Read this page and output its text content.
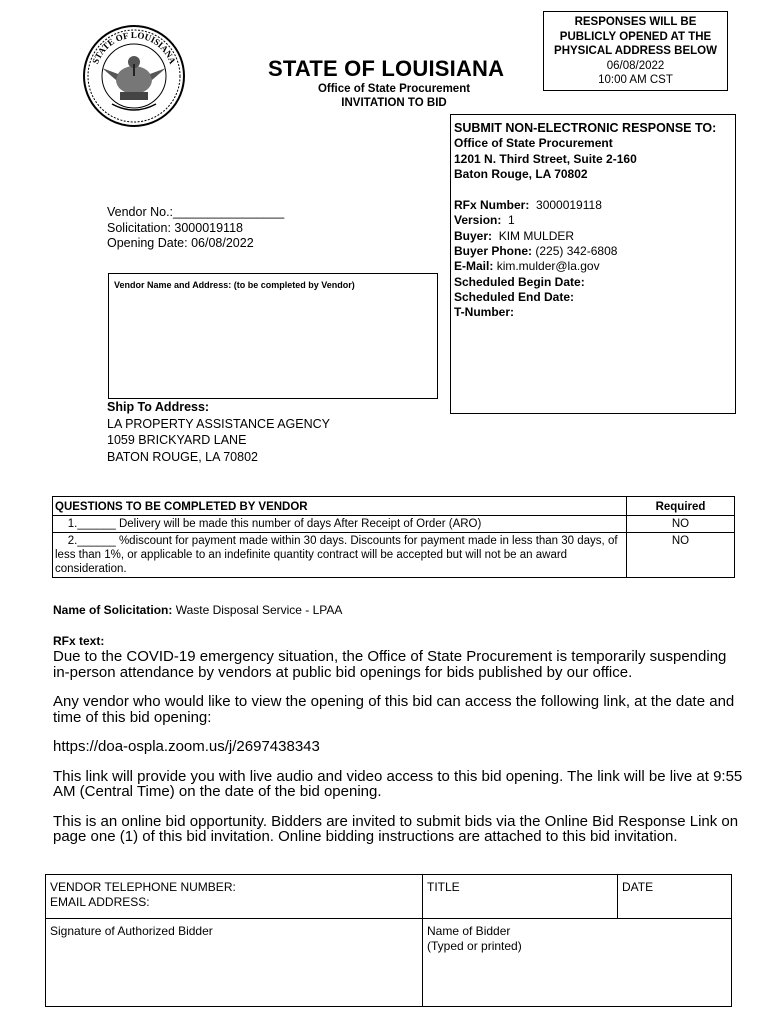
STATE OF LOUISIANA	STATE OF LOUISIANA
Office of State Procurement
INVITATION TO BID
RESPONSES WILL BE
PUBLICLY OPENED AT THE
PHYSICAL ADDRESS BELOW
06/08/2022
10:00 AM CST
SUBMIT NON-ELECTRONIC RESPONSE TO:
Office of State Procurement
1201 N. Third Street, Suite 2-160
Baton Rouge, LA 70802
RFx Number: 3000019118
Version: 1
Buyer: KIM MULDER
Buyer Phone: (225) 342-6808
E-Mail: kim.mulder@la.gov
Scheduled Begin Date:
Scheduled End Date:
T-Number:
Vendor No.:________________
Solicitation: 3000019118
Opening Date: 06/08/2022
Vendor Name and Address: (to be completed by Vendor)
Ship To Address:
LA PROPERTY ASSISTANCE AGENCY
1059 BRICKYARD LANE
BATON ROUGE, LA 70802
QUESTIONS TO BE COMPLETED BY VENDOR	Required
1.______ Delivery will be made this number of days After Receipt of Order (ARO)	NO
2.______ %discount for payment made within 30 days. Discounts for payment made in less than 30 days, of less than 1%, or applicable to an indefinite quantity contract will be accepted but will not be an award consideration.	NO
Name of Solicitation: Waste Disposal Service - LPAA
RFx text:

Due to the COVID-19 emergency situation, the Office of State Procurement is temporarily suspending in-person attendance by vendors at public bid openings for bids published by our office.

Any vendor who would like to view the opening of this bid can access the following link, at the date and time of this bid opening:

https://doa-ospla.zoom.us/j/2697438343

This link will provide you with live audio and video access to this bid opening. The link will be live at 9:55 AM (Central Time) on the date of the bid opening.

This is an online bid opportunity. Bidders are invited to submit bids via the Online Bid Response Link on page one (1) of this bid invitation. Online bidding instructions are attached to this bid invitation.

VENDOR TELEPHONE NUMBER:
EMAIL ADDRESS:	TITLE	DATE

Signature of Authorized Bidder	Name of Bidder
(Typed or printed)	
